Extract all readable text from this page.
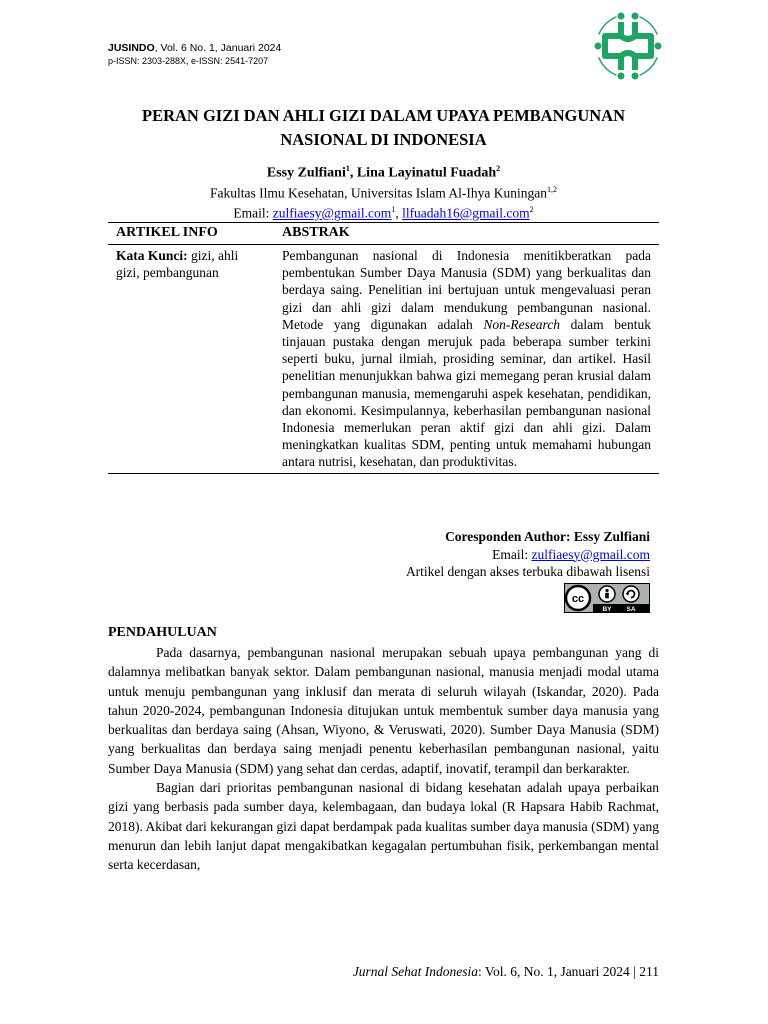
JUSINDO, Vol. 6 No. 1, Januari 2024
p-ISSN: 2303-288X, e-ISSN: 2541-7207
PERAN GIZI DAN AHLI GIZI DALAM UPAYA PEMBANGUNAN NASIONAL DI INDONESIA
Essy Zulfiani$^1$, Lina Layinatul Fuadah$^2$
Fakultas Ilmu Kesehatan, Universitas Islam Al-Ihya Kuningan$^{1,2}$
Email: zulfiaesy@gmail.com$^1$, llfuadah16@gmail.com$^2$
ARTIKEL INFO	ABSTRAK
Kata Kunci: gizi, ahli gizi, pembangunan
Pembangunan nasional di Indonesia menitikberatkan pada pembentukan Sumber Daya Manusia (SDM) yang berkualitas dan berdaya saing. Penelitian ini bertujuan untuk mengevaluasi peran gizi dan ahli gizi dalam mendukung pembangunan nasional. Metode yang digunakan adalah Non-Research dalam bentuk tinjauan pustaka dengan merujuk pada beberapa sumber terkini seperti buku, jurnal ilmiah, prosiding seminar, dan artikel. Hasil penelitian menunjukkan bahwa gizi memegang peran krusial dalam pembangunan manusia, memengaruhi aspek kesehatan, pendidikan, dan ekonomi. Kesimpulannya, keberhasilan pembangunan nasional Indonesia memerlukan peran aktif gizi dan ahli gizi. Dalam meningkatkan kualitas SDM, penting untuk memahami hubungan antara nutrisi, kesehatan, dan produktivitas.
Coresponden Author: Essy Zulfiani
Email: zulfiaesy@gmail.com
Artikel dengan akses terbuka dibawah lisensi
cc
BY SA
PENDAHULUAN

Pada dasarnya, pembangunan nasional merupakan sebuah upaya pembangunan yang di dalamnya melibatkan banyak sektor. Dalam pembangunan nasional, manusia menjadi modal utama untuk menuju pembangunan yang inklusif dan merata di seluruh wilayah (Iskandar, 2020). Pada tahun 2020-2024, pembangunan Indonesia ditujukan untuk membentuk sumber daya manusia yang berkualitas dan berdaya saing (Ahsan, Wiyono, & Veruswati, 2020). Sumber Daya Manusia (SDM) yang berkualitas dan berdaya saing menjadi penentu keberhasilan pembangunan nasional, yaitu Sumber Daya Manusia (SDM) yang sehat dan cerdas, adaptif, inovatif, terampil dan berkarakter.

Bagian dari prioritas pembangunan nasional di bidang kesehatan adalah upaya perbaikan gizi yang berbasis pada sumber daya, kelembagaan, dan budaya lokal (R Hapsara Habib Rachmat, 2018). Akibat dari kekurangan gizi dapat berdampak pada kualitas sumber daya manusia (SDM) yang menurun dan lebih lanjut dapat mengakibatkan kegagalan pertumbuhan fisik, perkembangan mental serta kecerdasan,

Jurnal Sehat Indonesia: Vol. 6, No. 1, Januari 2024 | 211
